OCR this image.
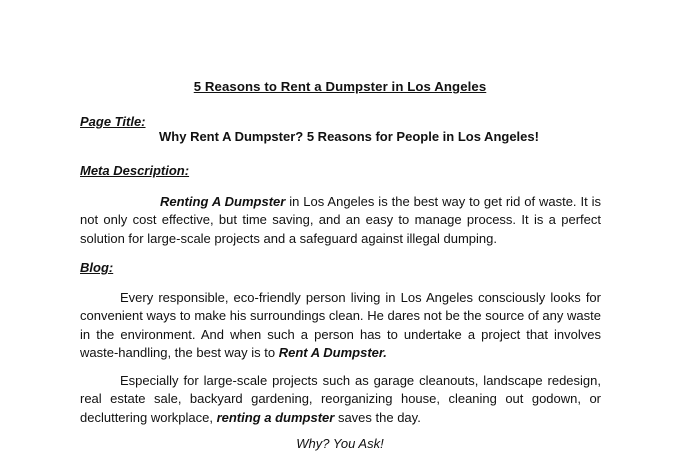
5 Reasons to Rent a Dumpster in Los Angeles
Page Title:
Why Rent A Dumpster? 5 Reasons for People in Los Angeles!
Meta Description:
Renting A Dumpster in Los Angeles is the best way to get rid of waste. It is not only cost effective, but time saving, and an easy to manage process. It is a perfect solution for large-scale projects and a safeguard against illegal dumping.
Blog:
Every responsible, eco-friendly person living in Los Angeles consciously looks for convenient ways to make his surroundings clean. He dares not be the source of any waste in the environment. And when such a person has to undertake a project that involves waste-handling, the best way is to Rent A Dumpster.
Especially for large-scale projects such as garage cleanouts, landscape redesign, real estate sale, backyard gardening, reorganizing house, cleaning out godown, or decluttering workplace, renting a dumpster saves the day.
Why? You Ask!
